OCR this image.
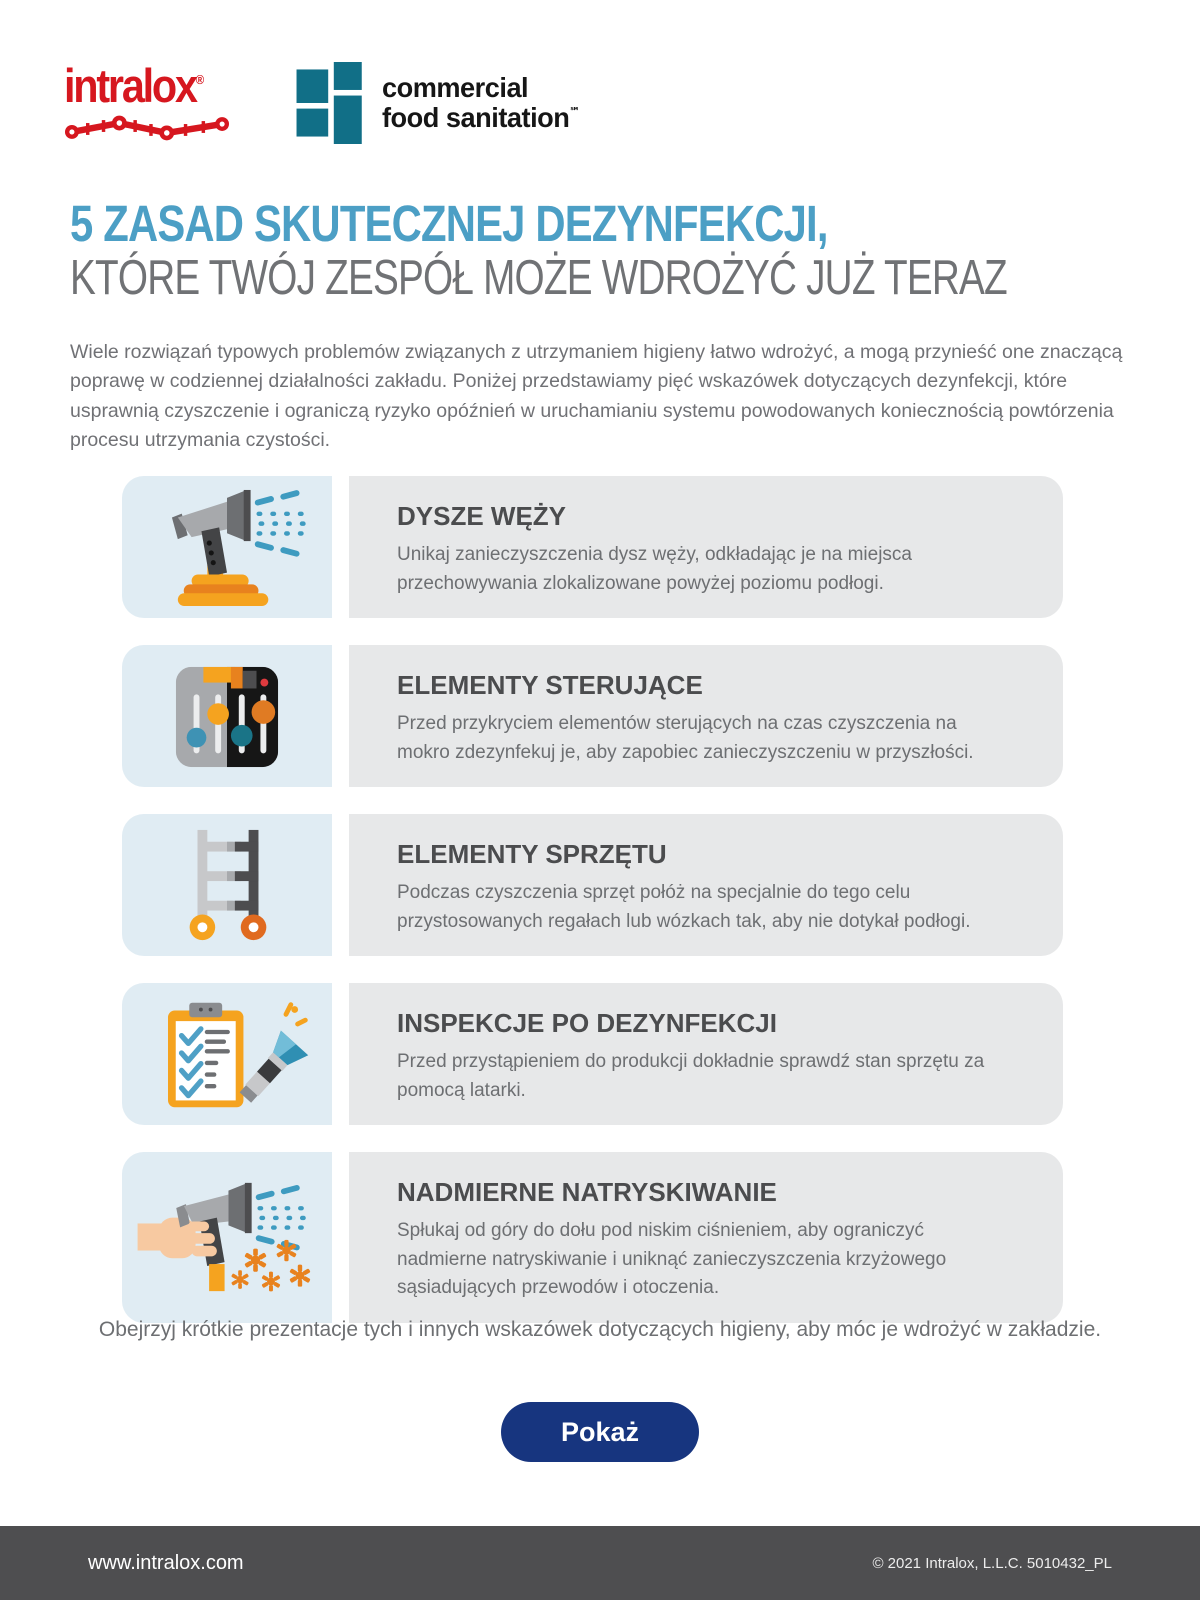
intralox®	commercial
food sanitation℠
5 ZASAD SKUTECZNEJ DEZYNFEKCJI,
KTÓRE TWÓJ ZESPÓŁ MOŻE WDROŻYĆ JUŻ TERAZ

Wiele rozwiązań typowych problemów związanych z utrzymaniem higieny łatwo wdrożyć, a mogą przynieść one znaczącą poprawę w codziennej działalności zakładu. Poniżej przedstawiamy pięć wskazówek dotyczących dezynfekcji, które usprawnią czyszczenie i ograniczą ryzyko opóźnień w uruchamianiu systemu powodowanych koniecznością powtórzenia procesu utrzymania czystości.

DYSZE WĘŻY
Unikaj zanieczyszczenia dysz węży, odkładając je na miejsca przechowywania zlokalizowane powyżej poziomu podłogi.
ELEMENTY STERUJĄCE
Przed przykryciem elementów sterujących na czas czyszczenia na mokro zdezynfekuj je, aby zapobiec zanieczyszczeniu w przyszłości.
ELEMENTY SPRZĘTU
Podczas czyszczenia sprzęt połóż na specjalnie do tego celu przystosowanych regałach lub wózkach tak, aby nie dotykał podłogi.
INSPEKCJE PO DEZYNFEKCJI
Przed przystąpieniem do produkcji dokładnie sprawdź stan sprzętu za pomocą latarki.
NADMIERNE NATRYSKIWANIE
Spłukaj od góry do dołu pod niskim ciśnieniem, aby ograniczyć nadmierne natryskiwanie i uniknąć zanieczyszczenia krzyżowego sąsiadujących przewodów i otoczenia.
Obejrzyj krótkie prezentacje tych i innych wskazówek dotyczących higieny, aby móc je wdrożyć w zakładzie.
Pokaż
www.intralox.com	© 2021 Intralox, L.L.C. 5010432_PL
